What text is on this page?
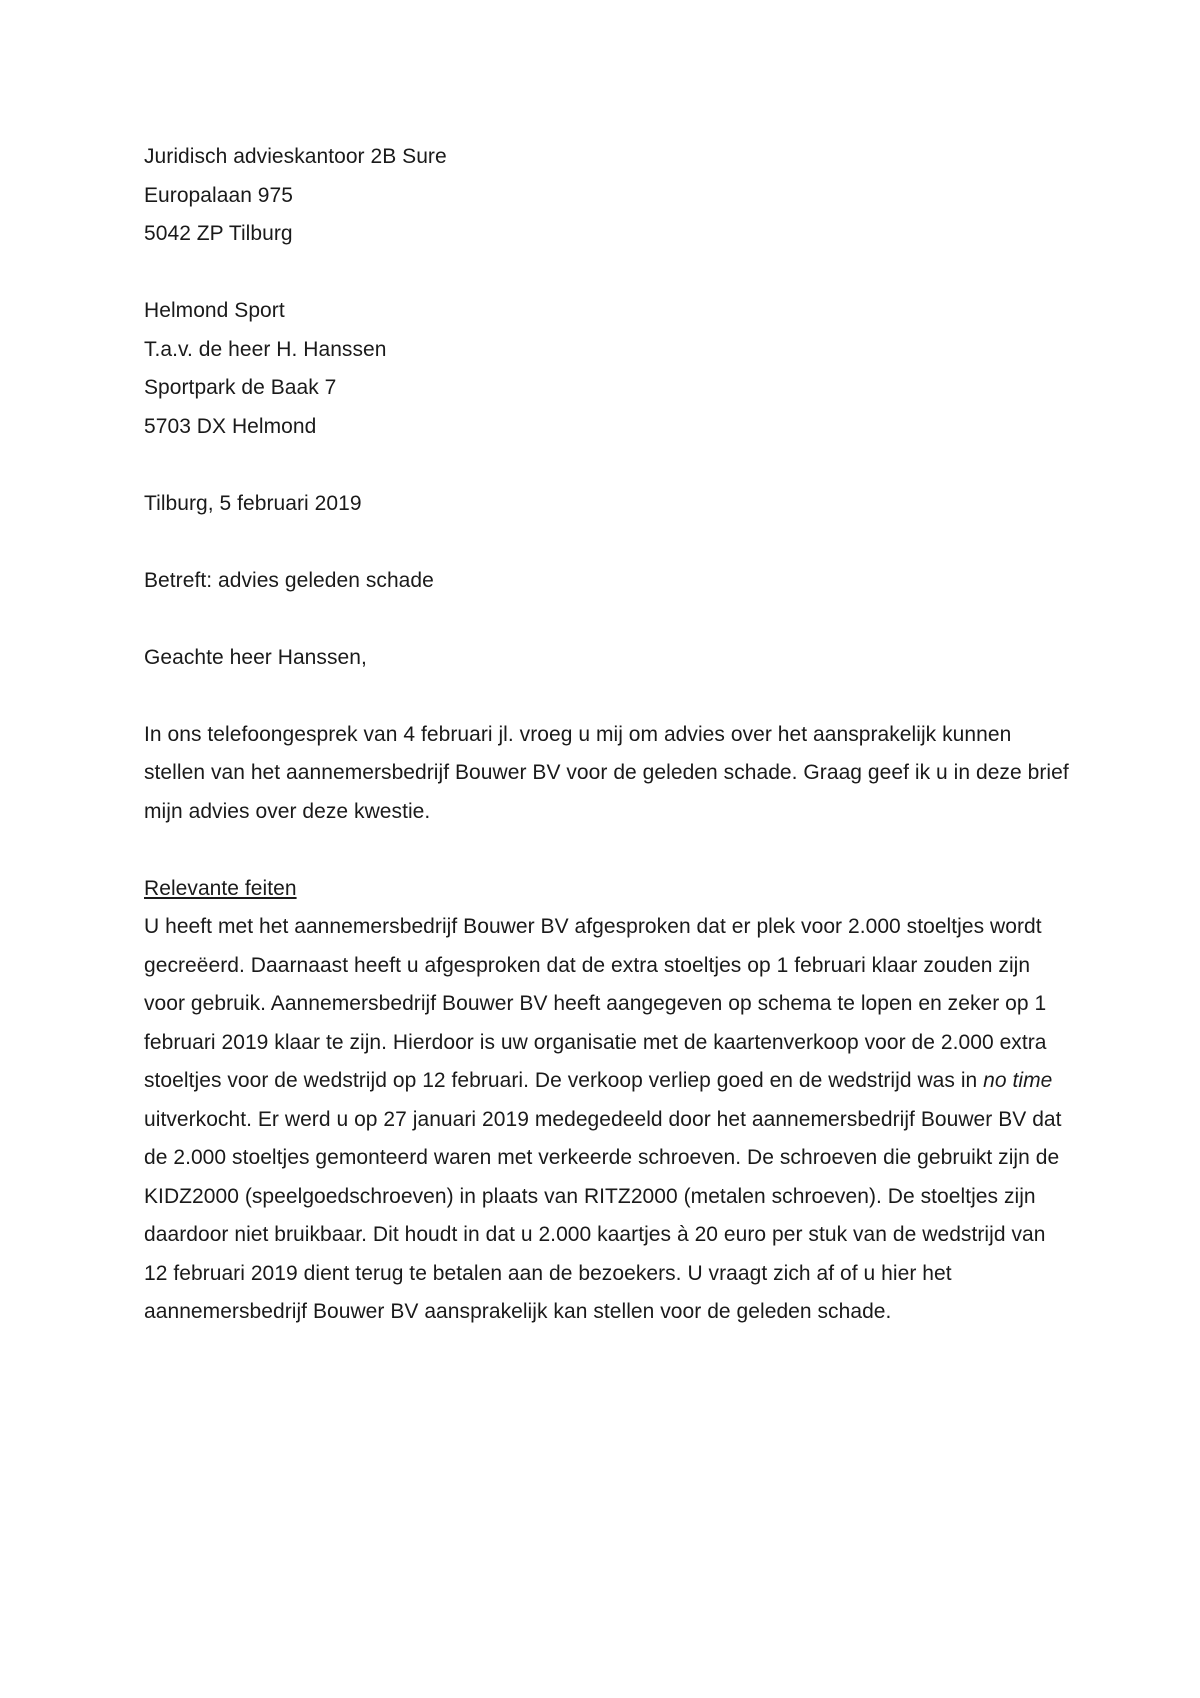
Juridisch advieskantoor 2B Sure

Europalaan 975

5042 ZP Tilburg

Helmond Sport

T.a.v. de heer H. Hanssen

Sportpark de Baak 7

5703 DX Helmond

Tilburg, 5 februari 2019

Betreft: advies geleden schade

Geachte heer Hanssen,

In ons telefoongesprek van 4 februari jl. vroeg u mij om advies over het aansprakelijk kunnen stellen van het aannemersbedrijf Bouwer BV voor de geleden schade. Graag geef ik u in deze brief mijn advies over deze kwestie.

Relevante feiten

U heeft met het aannemersbedrijf Bouwer BV afgesproken dat er plek voor 2.000 stoeltjes wordt gecreëerd. Daarnaast heeft u afgesproken dat de extra stoeltjes op 1 februari klaar zouden zijn voor gebruik. Aannemersbedrijf Bouwer BV heeft aangegeven op schema te lopen en zeker op 1 februari 2019 klaar te zijn. Hierdoor is uw organisatie met de kaartenverkoop voor de 2.000 extra stoeltjes voor de wedstrijd op 12 februari. De verkoop verliep goed en de wedstrijd was in no time uitverkocht. Er werd u op 27 januari 2019 medegedeeld door het aannemersbedrijf Bouwer BV dat de 2.000 stoeltjes gemonteerd waren met verkeerde schroeven. De schroeven die gebruikt zijn de KIDZ2000 (speelgoedschroeven) in plaats van RITZ2000 (metalen schroeven). De stoeltjes zijn daardoor niet bruikbaar. Dit houdt in dat u 2.000 kaartjes à 20 euro per stuk van de wedstrijd van 12 februari 2019 dient terug te betalen aan de bezoekers. U vraagt zich af of u hier het aannemersbedrijf Bouwer BV aansprakelijk kan stellen voor de geleden schade.
